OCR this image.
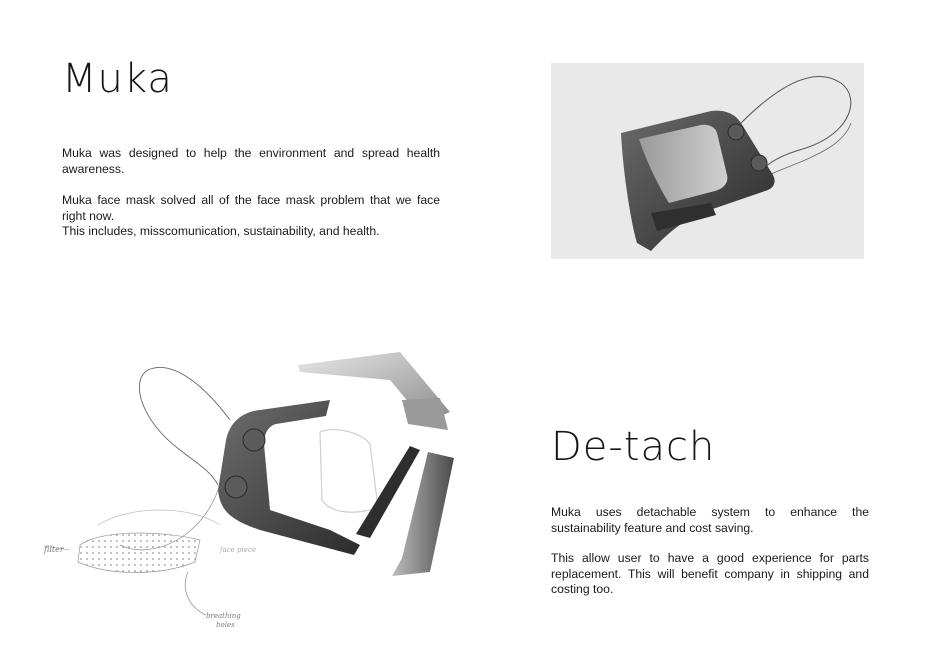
Muka

Muka was designed to help the environment and spread health awareness.

Muka face mask solved all of the face mask problem that we face right now.
This includes, misscomunication, sustainability, and health.
filter
breathing
holes
face piece
De-tach

Muka uses detachable system to enhance the sustainability feature and cost saving.

This allow user to have a good experience for parts replacement. This will benefit company in shipping and costing too.
